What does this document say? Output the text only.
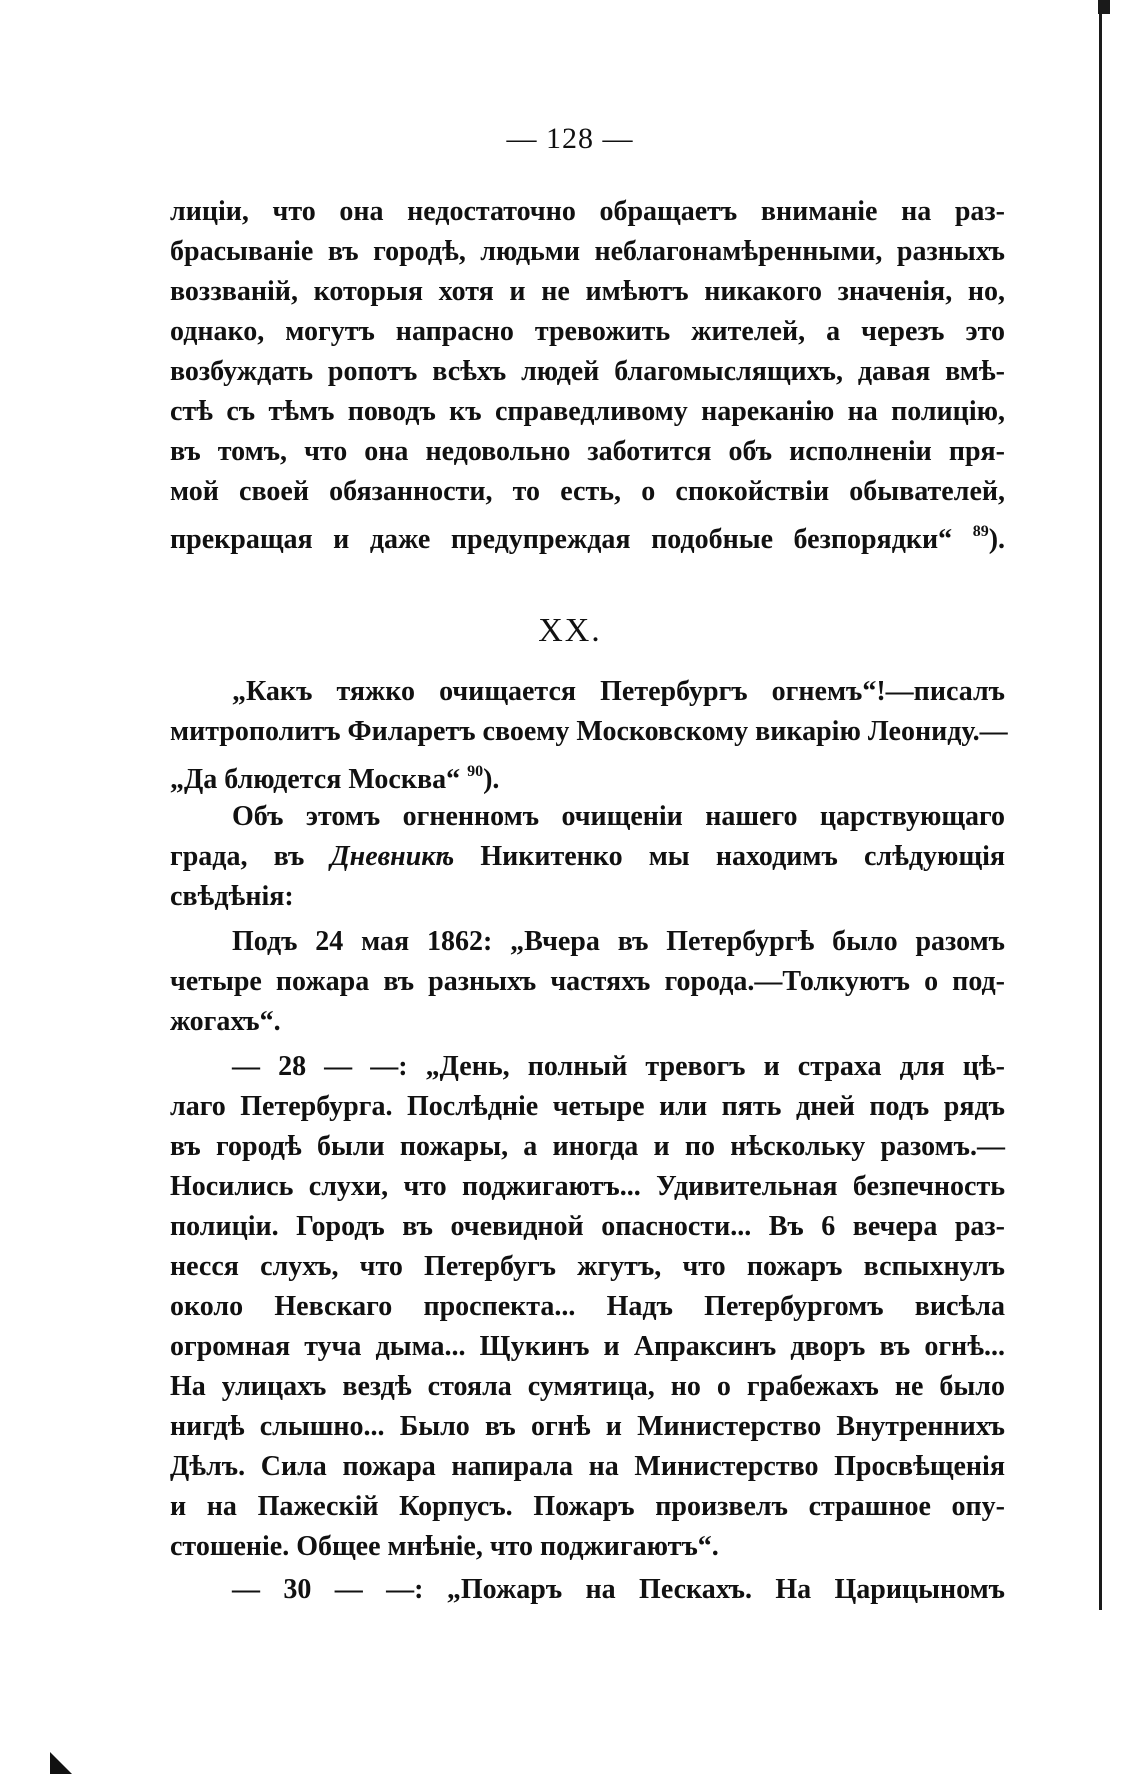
— 128 —
лиціи, что она недостаточно обращаетъ вниманіе на раз-
брасываніе въ городѣ, людьми неблагонамѣренными, разныхъ
воззваній, которыя хотя и не имѣютъ никакого значенія, но,
однако, могутъ напрасно тревожить жителей, а черезъ это
возбуждать ропотъ всѣхъ людей благомыслящихъ, давая вмѣ-
стѣ съ тѣмъ поводъ къ справедливому нареканію на полицію,
въ томъ, что она недовольно заботится объ исполненіи пря-
мой своей обязанности, то есть, о спокойствіи обывателей,
прекращая и даже предупреждая подобные безпорядки“ $^{89}$).
XX.
„Какъ тяжко очищается Петербургъ огнемъ“!—писалъ
митрополитъ Филаретъ своему Московскому викарію Леониду.—
„Да блюдется Москва“ $^{90}$).
Объ этомъ огненномъ очищеніи нашего царствующаго
града, въ Дневникѣ Никитенко мы находимъ слѣдующія
свѣдѣнія:
Подъ 24 мая 1862: „Вчера въ Петербургѣ было разомъ
четыре пожара въ разныхъ частяхъ города.—Толкуютъ о под-
жогахъ“.
— 28 — —: „День, полный тревогъ и страха для цѣ-
лаго Петербурга. Послѣдніе четыре или пять дней подъ рядъ
въ городѣ были пожары, а иногда и по нѣскольку разомъ.—
Носились слухи, что поджигаютъ... Удивительная безпечность
полиціи. Городъ въ очевидной опасности... Въ 6 вечера раз-
несся слухъ, что Петербугъ жгутъ, что пожаръ вспыхнулъ
около Невскаго проспекта... Надъ Петербургомъ висѣла
огромная туча дыма... Щукинъ и Апраксинъ дворъ въ огнѣ...
На улицахъ вездѣ стояла сумятица, но о грабежахъ не было
нигдѣ слышно... Было въ огнѣ и Министерство Внутреннихъ
Дѣлъ. Сила пожара напирала на Министерство Просвѣщенія
и на Пажескій Корпусъ. Пожаръ произвелъ страшное опу-
стошеніе. Общее мнѣніе, что поджигаютъ“.
— 30 — —: „Пожаръ на Пескахъ. На Царицыномъ
